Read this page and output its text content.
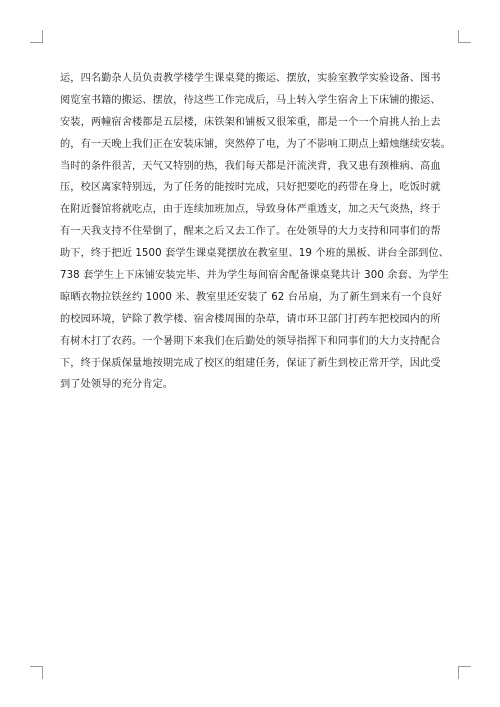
运，四名勤杂人员负责教学楼学生课桌凳的搬运、摆放，实验室教学实验设备、图书
阅览室书籍的搬运、摆放，待这些工作完成后，马上转入学生宿舍上下床铺的搬运、
安装，两幢宿舍楼都是五层楼，床铁架和铺板又很笨重，都是一个一个肩挑人抬上去
的，有一天晚上我们正在安装床铺，突然停了电，为了不影响工期点上蜡烛继续安装。
当时的条件很苦，天气又特别的热，我们每天都是汗流浃背，我又患有颈椎病、高血
压，校区离家特别远，为了任务的能按时完成，只好把要吃的药带在身上，吃饭时就
在附近餐馆将就吃点，由于连续加班加点，导致身体严重透支，加之天气炎热，终于
有一天我支持不住晕倒了，醒来之后又去工作了。在处领导的大力支持和同事们的帮
助下，终于把近 1500 套学生课桌凳摆放在教室里、19 个班的黑板、讲台全部到位、
738 套学生上下床铺安装完毕、并为学生每间宿舍配备课桌凳共计 300 余套、为学生
晾晒衣物拉铁丝约 1000 米、教室里还安装了 62 台吊扇，为了新生到来有一个良好
的校园环境，铲除了教学楼、宿舍楼周围的杂草，请市环卫部门打药车把校园内的所
有树木打了农药。一个暑期下来我们在后勤处的领导指挥下和同事们的大力支持配合
下，终于保质保量地按期完成了校区的组建任务，保证了新生到校正常开学，因此受
到了处领导的充分肯定。
